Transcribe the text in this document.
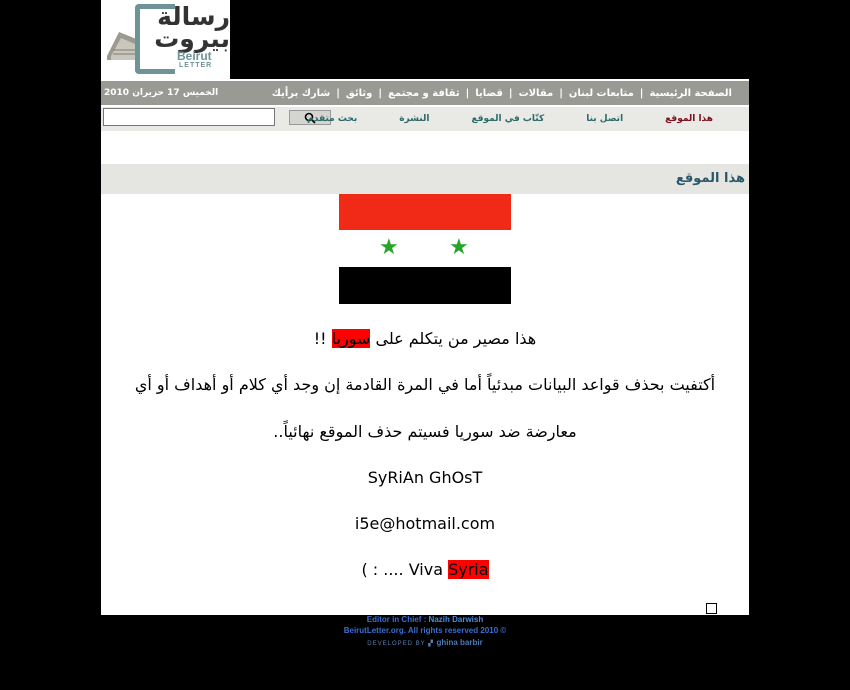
رسالة
بيروت
Beirut
LETTER
الصفحة الرئيسية
|
متابعات لبنان
|
مقالات
|
قضايا
|
ثقافة و مجتمع
|
وثائق
|
شارك برأيك
الخميس 17 حزيران 2010
هذا الموقع
اتصل بنا
كتّاب في الموقع
النشرة
بحث متقدم
هذا الموقع
★ ★
هذا مصير من يتكلم على سوريا !!
أكتفيت بحذف قواعد البيانات مبدئياً أما في المرة القادمة إن وجد أي كلام أو أهداف أو أي
معارضة ضد سوريا فسيتم حذف الموقع نهائياً..
SyRiAn GhOsT
i5e@hotmail.com
( : .... Viva Syria
Editor in Chief : Nazih Darwish
BeirutLetter.org. All rights reserved 2010 ©
DEVELOPED BY ▞ ghina barbir
